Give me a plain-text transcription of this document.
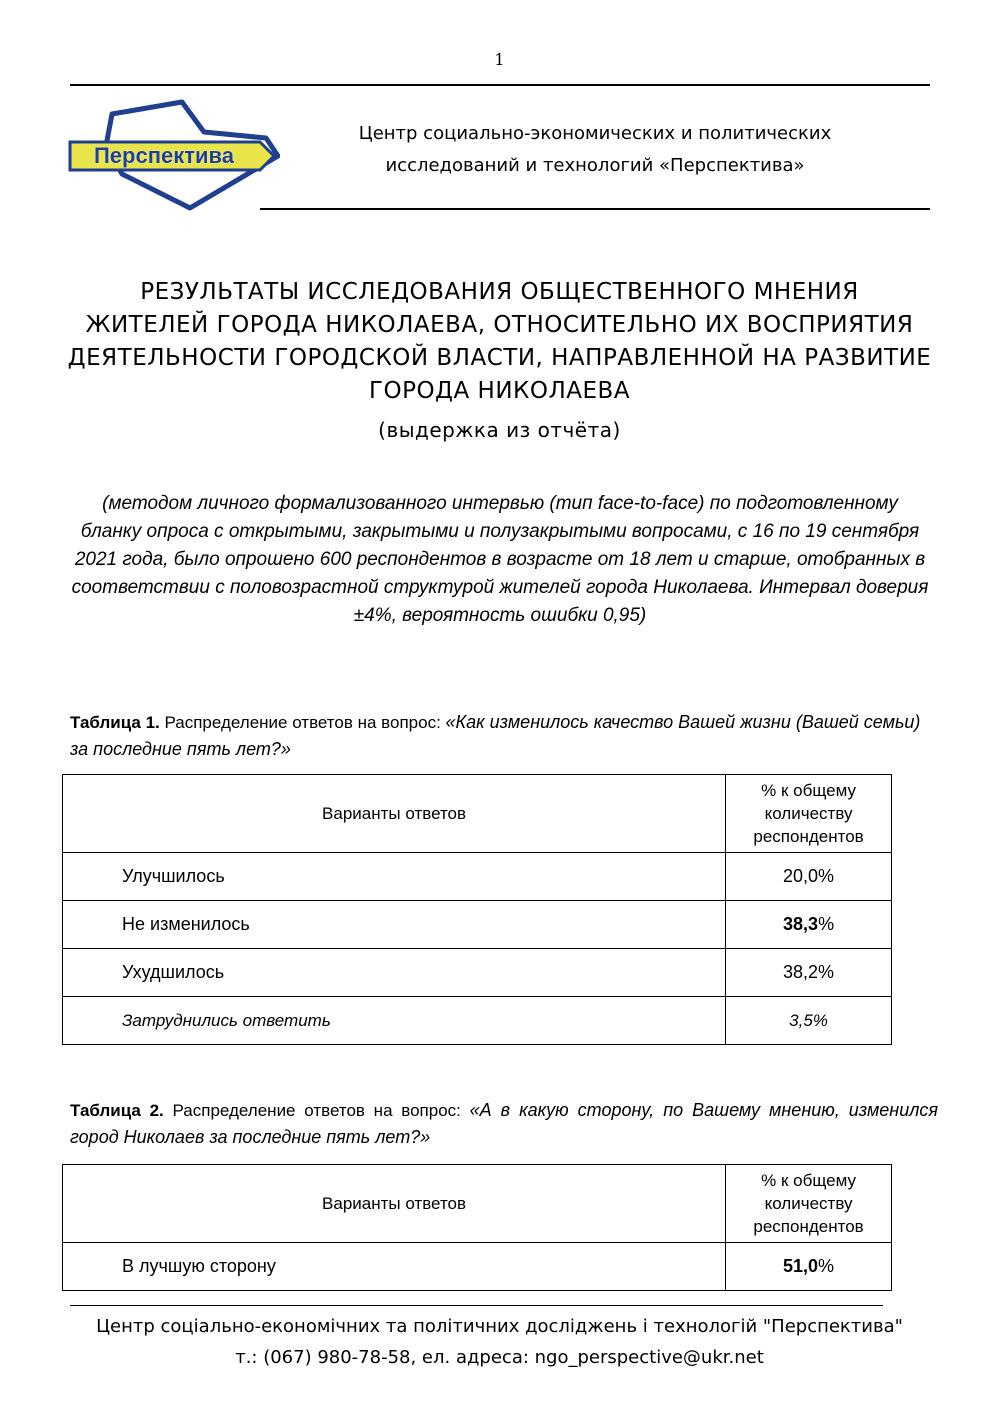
1
Перспектива
Центр социально-экономических и политических
исследований и технологий «Перспектива»
РЕЗУЛЬТАТЫ ИССЛЕДОВАНИЯ ОБЩЕСТВЕННОГО МНЕНИЯ
ЖИТЕЛЕЙ ГОРОДА НИКОЛАЕВА, ОТНОСИТЕЛЬНО ИХ ВОСПРИЯТИЯ
ДЕЯТЕЛЬНОСТИ ГОРОДСКОЙ ВЛАСТИ, НАПРАВЛЕННОЙ НА РАЗВИТИЕ
ГОРОДА НИКОЛАЕВА
(выдержка из отчёта)
(методом личного формализованного интервью (тип face-to-face) по подготовленному
бланку опроса с открытыми, закрытыми и полузакрытыми вопросами, с 16 по 19 сентября
2021 года, было опрошено 600 респондентов в возрасте от 18 лет и старше, отобранных в
соответствии с половозрастной структурой жителей города Николаева. Интервал доверия
±4%, вероятность ошибки 0,95)
Таблица 1. Распределение ответов на вопрос: «Как изменилось качество Вашей жизни (Вашей семьи) за последние пять лет?»
Варианты ответов	% к общему
количеству
респондентов

Улучшилось	20,0%
Не изменилось	38,3%
Ухудшилось	38,2%
Затруднились ответить	3,5%
Таблица 2. Распределение ответов на вопрос: «А в какую сторону, по Вашему мнению, изменился город Николаев за последние пять лет?»
Варианты ответов	% к общему
количеству
респондентов

В лучшую сторону	51,0%
Центр соціально-економічних та політичних досліджень і технологій "Перспектива"
т.: (067) 980-78-58, ел. адреса: ngo_perspective@ukr.net
